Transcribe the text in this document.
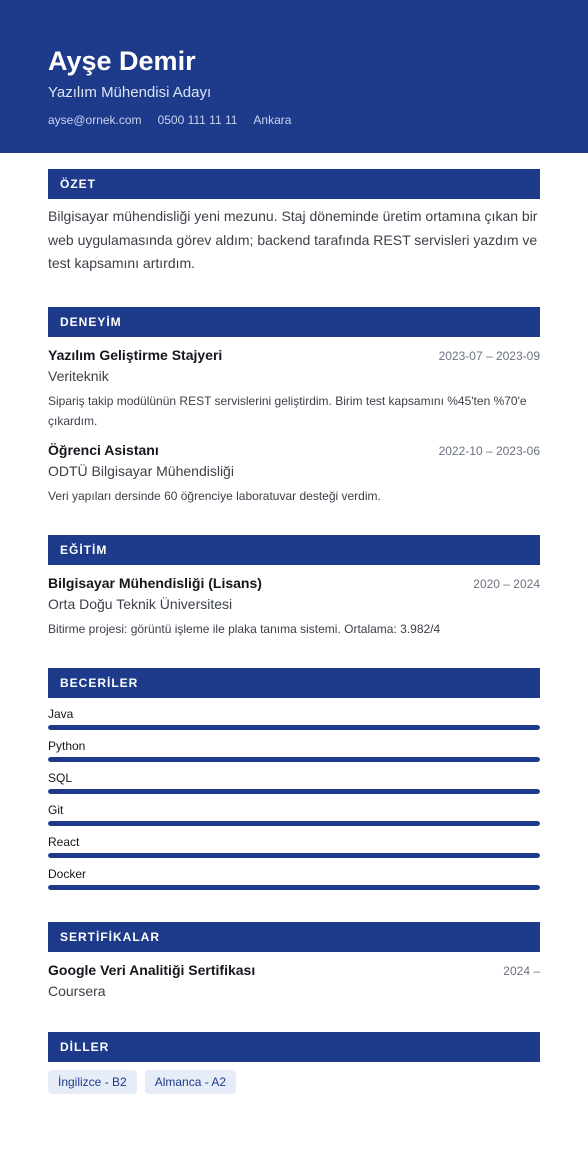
Ayşe Demir
Yazılım Mühendisi Adayı
ayse@ornek.com 0500 111 11 11 Ankara
ÖZET
Bilgisayar mühendisliği yeni mezunu. Staj döneminde üretim ortamına çıkan bir web uygulamasında görev aldım; backend tarafında REST servisleri yazdım ve test kapsamını artırdım.
DENEYİM
Yazılım Geliştirme Stajyeri	2023-07 – 2023-09
Veriteknik
Sipariş takip modülünün REST servislerini geliştirdim. Birim test kapsamını %45'ten %70'e çıkardım.
Öğrenci Asistanı	2022-10 – 2023-06
ODTÜ Bilgisayar Mühendisliği
Veri yapıları dersinde 60 öğrenciye laboratuvar desteği verdim.
EĞİTİM
Bilgisayar Mühendisliği (Lisans)	2020 – 2024
Orta Doğu Teknik Üniversitesi
Bitirme projesi: görüntü işleme ile plaka tanıma sistemi. Ortalama: 3.982/4
BECERİLER
Java
Python
SQL
Git
React
Docker
SERTİFİKALAR
Google Veri Analitiği Sertifikası	2024 –
Coursera
DİLLER
İngilizce - B2	Almanca - A2
